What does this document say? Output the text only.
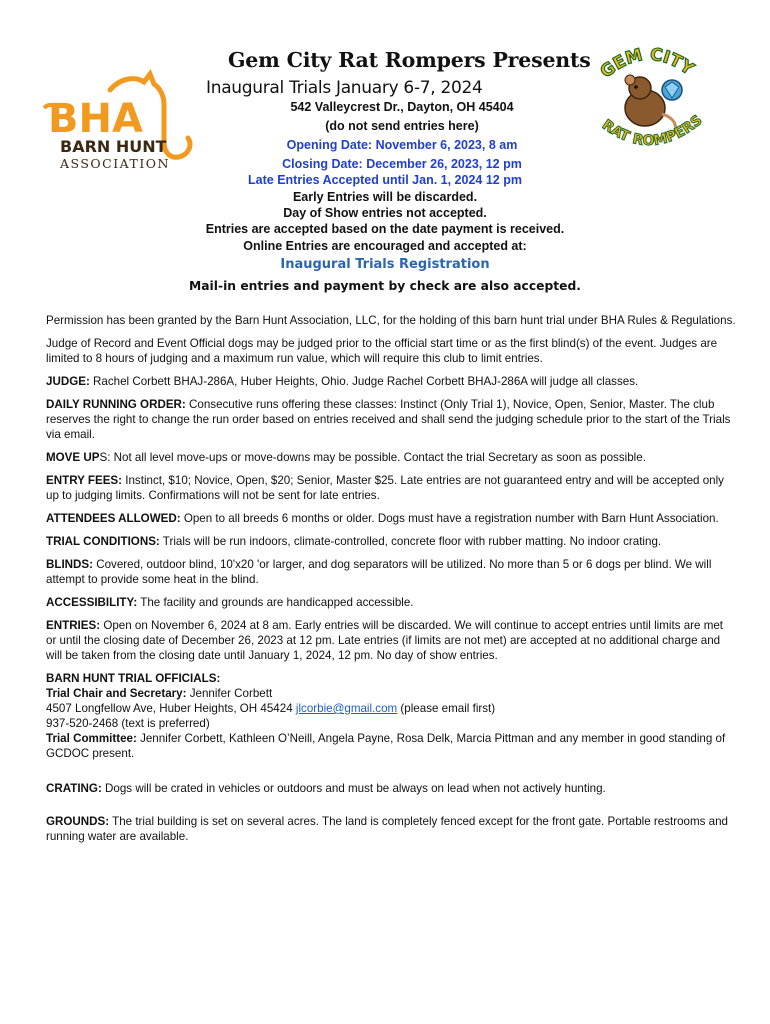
BHA
BARN HUNT
ASSOCIATION
GEM CITY
RAT ROMPERS
Gem City Rat Rompers Presents
Inaugural Trials January 6-7, 2024
542 Valleycrest Dr., Dayton, OH 45404
(do not send entries here)
Opening Date: November 6, 2023, 8 am
Closing Date: December 26, 2023, 12 pm
Late Entries Accepted until Jan. 1, 2024 12 pm
Early Entries will be discarded.
Day of Show entries not accepted.
Entries are accepted based on the date payment is received.
Online Entries are encouraged and accepted at:
Inaugural Trials Registration
Mail-in entries and payment by check are also accepted.

Permission has been granted by the Barn Hunt Association, LLC, for the holding of this barn hunt trial under BHA Rules & Regulations.

Judge of Record and Event Official dogs may be judged prior to the official start time or as the first blind(s) of the event. Judges are limited to 8 hours of judging and a maximum run value, which will require this club to limit entries.

JUDGE: Rachel Corbett BHAJ-286A, Huber Heights, Ohio. Judge Rachel Corbett BHAJ-286A will judge all classes.

DAILY RUNNING ORDER: Consecutive runs offering these classes: Instinct (Only Trial 1), Novice, Open, Senior, Master. The club reserves the right to change the run order based on entries received and shall send the judging schedule prior to the start of the Trials via email.

MOVE UPS: Not all level move-ups or move-downs may be possible. Contact the trial Secretary as soon as possible.

ENTRY FEES: Instinct, $10; Novice, Open, $20; Senior, Master $25. Late entries are not guaranteed entry and will be accepted only up to judging limits. Confirmations will not be sent for late entries.

ATTENDEES ALLOWED: Open to all breeds 6 months or older. Dogs must have a registration number with Barn Hunt Association.

TRIAL CONDITIONS: Trials will be run indoors, climate-controlled, concrete floor with rubber matting. No indoor crating.

BLINDS: Covered, outdoor blind, 10'x20 'or larger, and dog separators will be utilized. No more than 5 or 6 dogs per blind. We will attempt to provide some heat in the blind.

ACCESSIBILITY: The facility and grounds are handicapped accessible.

ENTRIES: Open on November 6, 2024 at 8 am. Early entries will be discarded. We will continue to accept entries until limits are met or until the closing date of December 26, 2023 at 12 pm. Late entries (if limits are not met) are accepted at no additional charge and will be taken from the closing date until January 1, 2024, 12 pm. No day of show entries.

BARN HUNT TRIAL OFFICIALS:
Trial Chair and Secretary: Jennifer Corbett
4507 Longfellow Ave, Huber Heights, OH 45424 jlcorbie@gmail.com (please email first)
937-520-2468 (text is preferred)
Trial Committee: Jennifer Corbett, Kathleen O’Neill, Angela Payne, Rosa Delk, Marcia Pittman and any member in good standing of GCDOC present.

CRATING: Dogs will be crated in vehicles or outdoors and must be always on lead when not actively hunting.

GROUNDS: The trial building is set on several acres. The land is completely fenced except for the front gate. Portable restrooms and running water are available.
